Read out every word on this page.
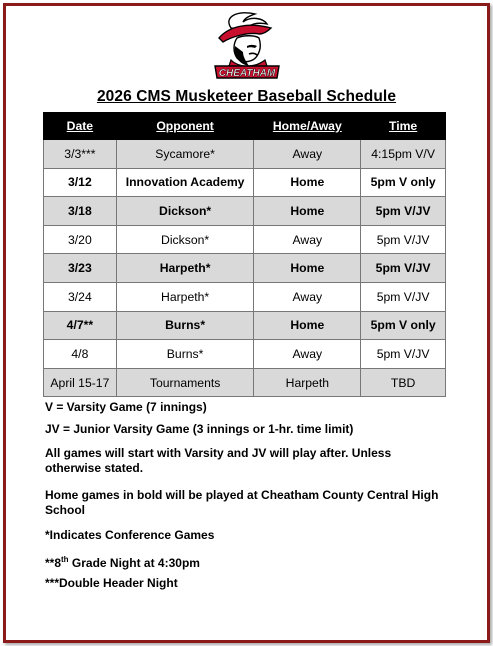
CHEATHAM
2026 CMS Musketeer Baseball Schedule
Date	Opponent	Home/Away	Time
3/3***	Sycamore*	Away	4:15pm V/V
3/12	Innovation Academy	Home	5pm V only
3/18	Dickson*	Home	5pm V/JV
3/20	Dickson*	Away	5pm V/JV
3/23	Harpeth*	Home	5pm V/JV
3/24	Harpeth*	Away	5pm V/JV
4/7**	Burns*	Home	5pm V only
4/8	Burns*	Away	5pm V/JV
April 15-17	Tournaments	Harpeth	TBD
V = Varsity Game (7 innings)
JV = Junior Varsity Game (3 innings or 1-hr. time limit)
All games will start with Varsity and JV will play after. Unless otherwise stated.
Home games in bold will be played at Cheatham County Central High School
*Indicates Conference Games
**8th Grade Night at 4:30pm
***Double Header Night
